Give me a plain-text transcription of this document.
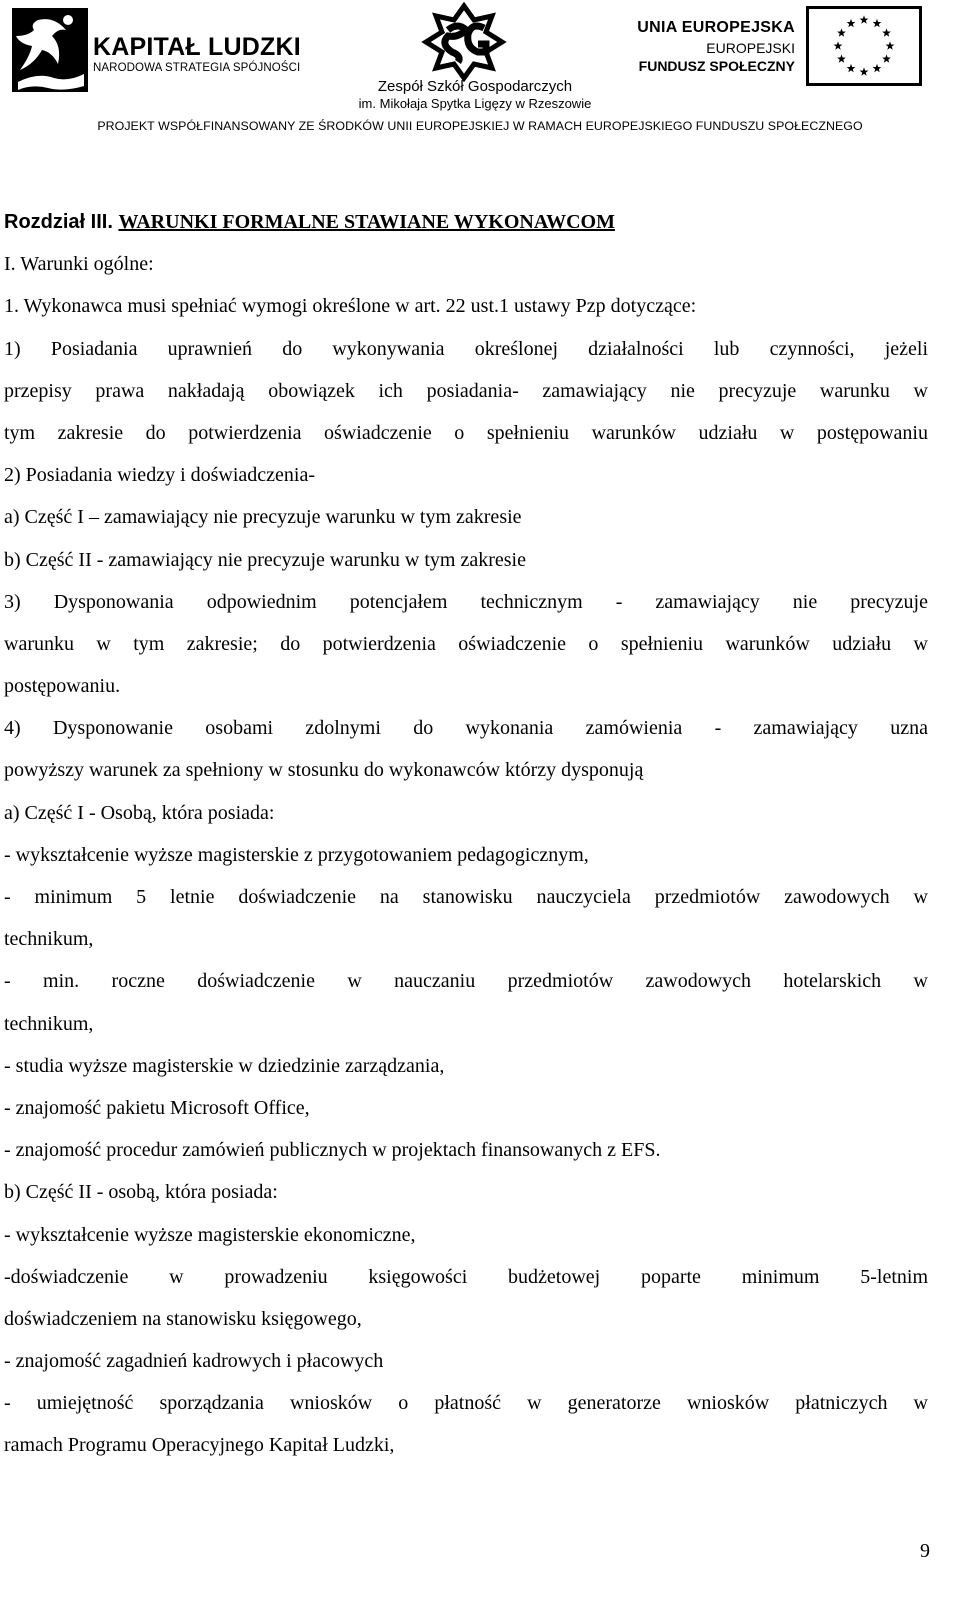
KAPITAŁ LUDZKI
NARODOWA STRATEGIA SPÓJNOŚCI
Zespół Szkół Gospodarczych
im. Mikołaja Spytka Ligęzy w Rzeszowie
UNIA EUROPEJSKA
EUROPEJSKI
FUNDUSZ SPOŁECZNY
PROJEKT WSPÓŁFINANSOWANY ZE ŚRODKÓW UNII EUROPEJSKIEJ W RAMACH EUROPEJSKIEGO FUNDUSZU SPOŁECZNEGO
Rozdział III. WARUNKI FORMALNE STAWIANE WYKONAWCOM
I. Warunki ogólne:
1. Wykonawca musi spełniać wymogi określone w art. 22 ust.1 ustawy Pzp dotyczące:
1) Posiadania uprawnień do wykonywania określonej działalności lub czynności, jeżeli
przepisy prawa nakładają obowiązek ich posiadania- zamawiający nie precyzuje warunku w
tym zakresie do potwierdzenia oświadczenie o spełnieniu warunków udziału w postępowaniu
2) Posiadania wiedzy i doświadczenia-
a) Część I – zamawiający nie precyzuje warunku w tym zakresie
b) Część II - zamawiający nie precyzuje warunku w tym zakresie
3) Dysponowania odpowiednim potencjałem technicznym - zamawiający nie precyzuje
warunku w tym zakresie; do potwierdzenia oświadczenie o spełnieniu warunków udziału w
postępowaniu.
4) Dysponowanie osobami zdolnymi do wykonania zamówienia - zamawiający uzna
powyższy warunek za spełniony w stosunku do wykonawców którzy dysponują
a) Część I - Osobą, która posiada:
- wykształcenie wyższe magisterskie z przygotowaniem pedagogicznym,
- minimum 5 letnie doświadczenie na stanowisku nauczyciela przedmiotów zawodowych w
technikum,
- min. roczne doświadczenie w nauczaniu przedmiotów zawodowych hotelarskich w
technikum,
- studia wyższe magisterskie w dziedzinie zarządzania,
- znajomość pakietu Microsoft Office,
- znajomość procedur zamówień publicznych w projektach finansowanych z EFS.
b) Część II - osobą, która posiada:
- wykształcenie wyższe magisterskie ekonomiczne,
-doświadczenie w prowadzeniu księgowości budżetowej poparte minimum 5-letnim
doświadczeniem na stanowisku księgowego,
- znajomość zagadnień kadrowych i płacowych
- umiejętność sporządzania wniosków o płatność w generatorze wniosków płatniczych w
ramach Programu Operacyjnego Kapitał Ludzki,
9
